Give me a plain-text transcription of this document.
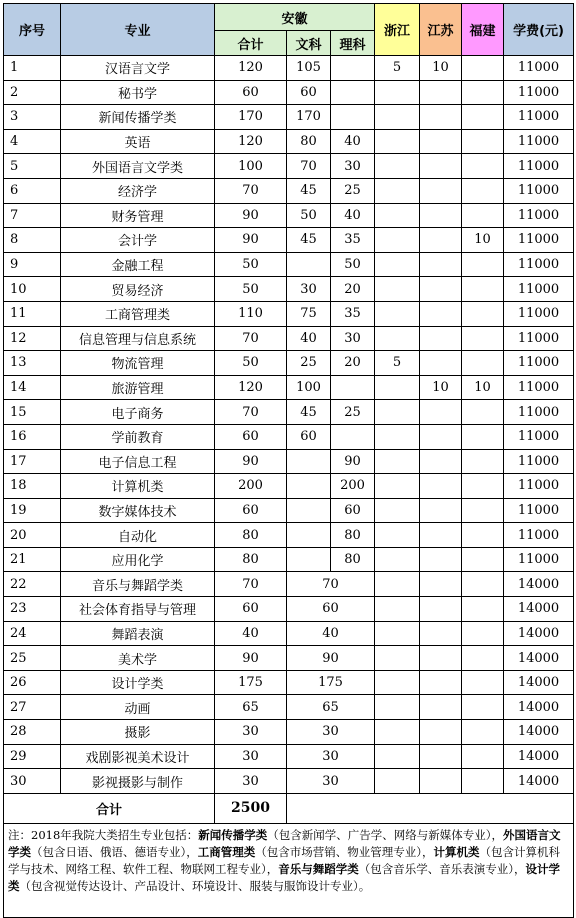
序号	专业	安徽			浙江	江苏	福建	学费(元)
		合计	文科	理科				
1	汉语言文学	120	105		5	10		11000
2	秘书学	60	60					11000
3	新闻传播学类	170	170					11000
4	英语	120	80	40				11000
5	外国语言文学类	100	70	30				11000
6	经济学	70	45	25				11000
7	财务管理	90	50	40				11000
8	会计学	90	45	35			10	11000
9	金融工程	50		50				11000
10	贸易经济	50	30	20				11000
11	工商管理类	110	75	35				11000
12	信息管理与信息系统	70	40	30				11000
13	物流管理	50	25	20	5			11000
14	旅游管理	120	100			10	10	11000
15	电子商务	70	45	25				11000
16	学前教育	60	60					11000
17	电子信息工程	90		90				11000
18	计算机类	200		200				11000
19	数字媒体技术	60		60				11000
20	自动化	80		80				11000
21	应用化学	80		80				11000
22	音乐与舞蹈学类	70	70					14000
23	社会体育指导与管理	60	60					14000
24	舞蹈表演	40	40					14000
25	美术学	90	90					14000
26	设计学类	175	175					14000
27	动画	65	65					14000
28	摄影	30	30					14000
29	戏剧影视美术设计	30	30					14000
30	影视摄影与制作	30	30					14000
合计		2500						
注：2018年我院大类招生专业包括：新闻传播学类（包含新闻学、广告学、网络与新媒体专业），外国语言文学类（包含日语、俄语、德语专业），工商管理类（包含市场营销、物业管理专业），计算机类（包含计算机科学与技术、网络工程、软件工程、物联网工程专业），音乐与舞蹈学类（包含音乐学、音乐表演专业），设计学类（包含视觉传达设计、产品设计、环境设计、服装与服饰设计专业）。								
